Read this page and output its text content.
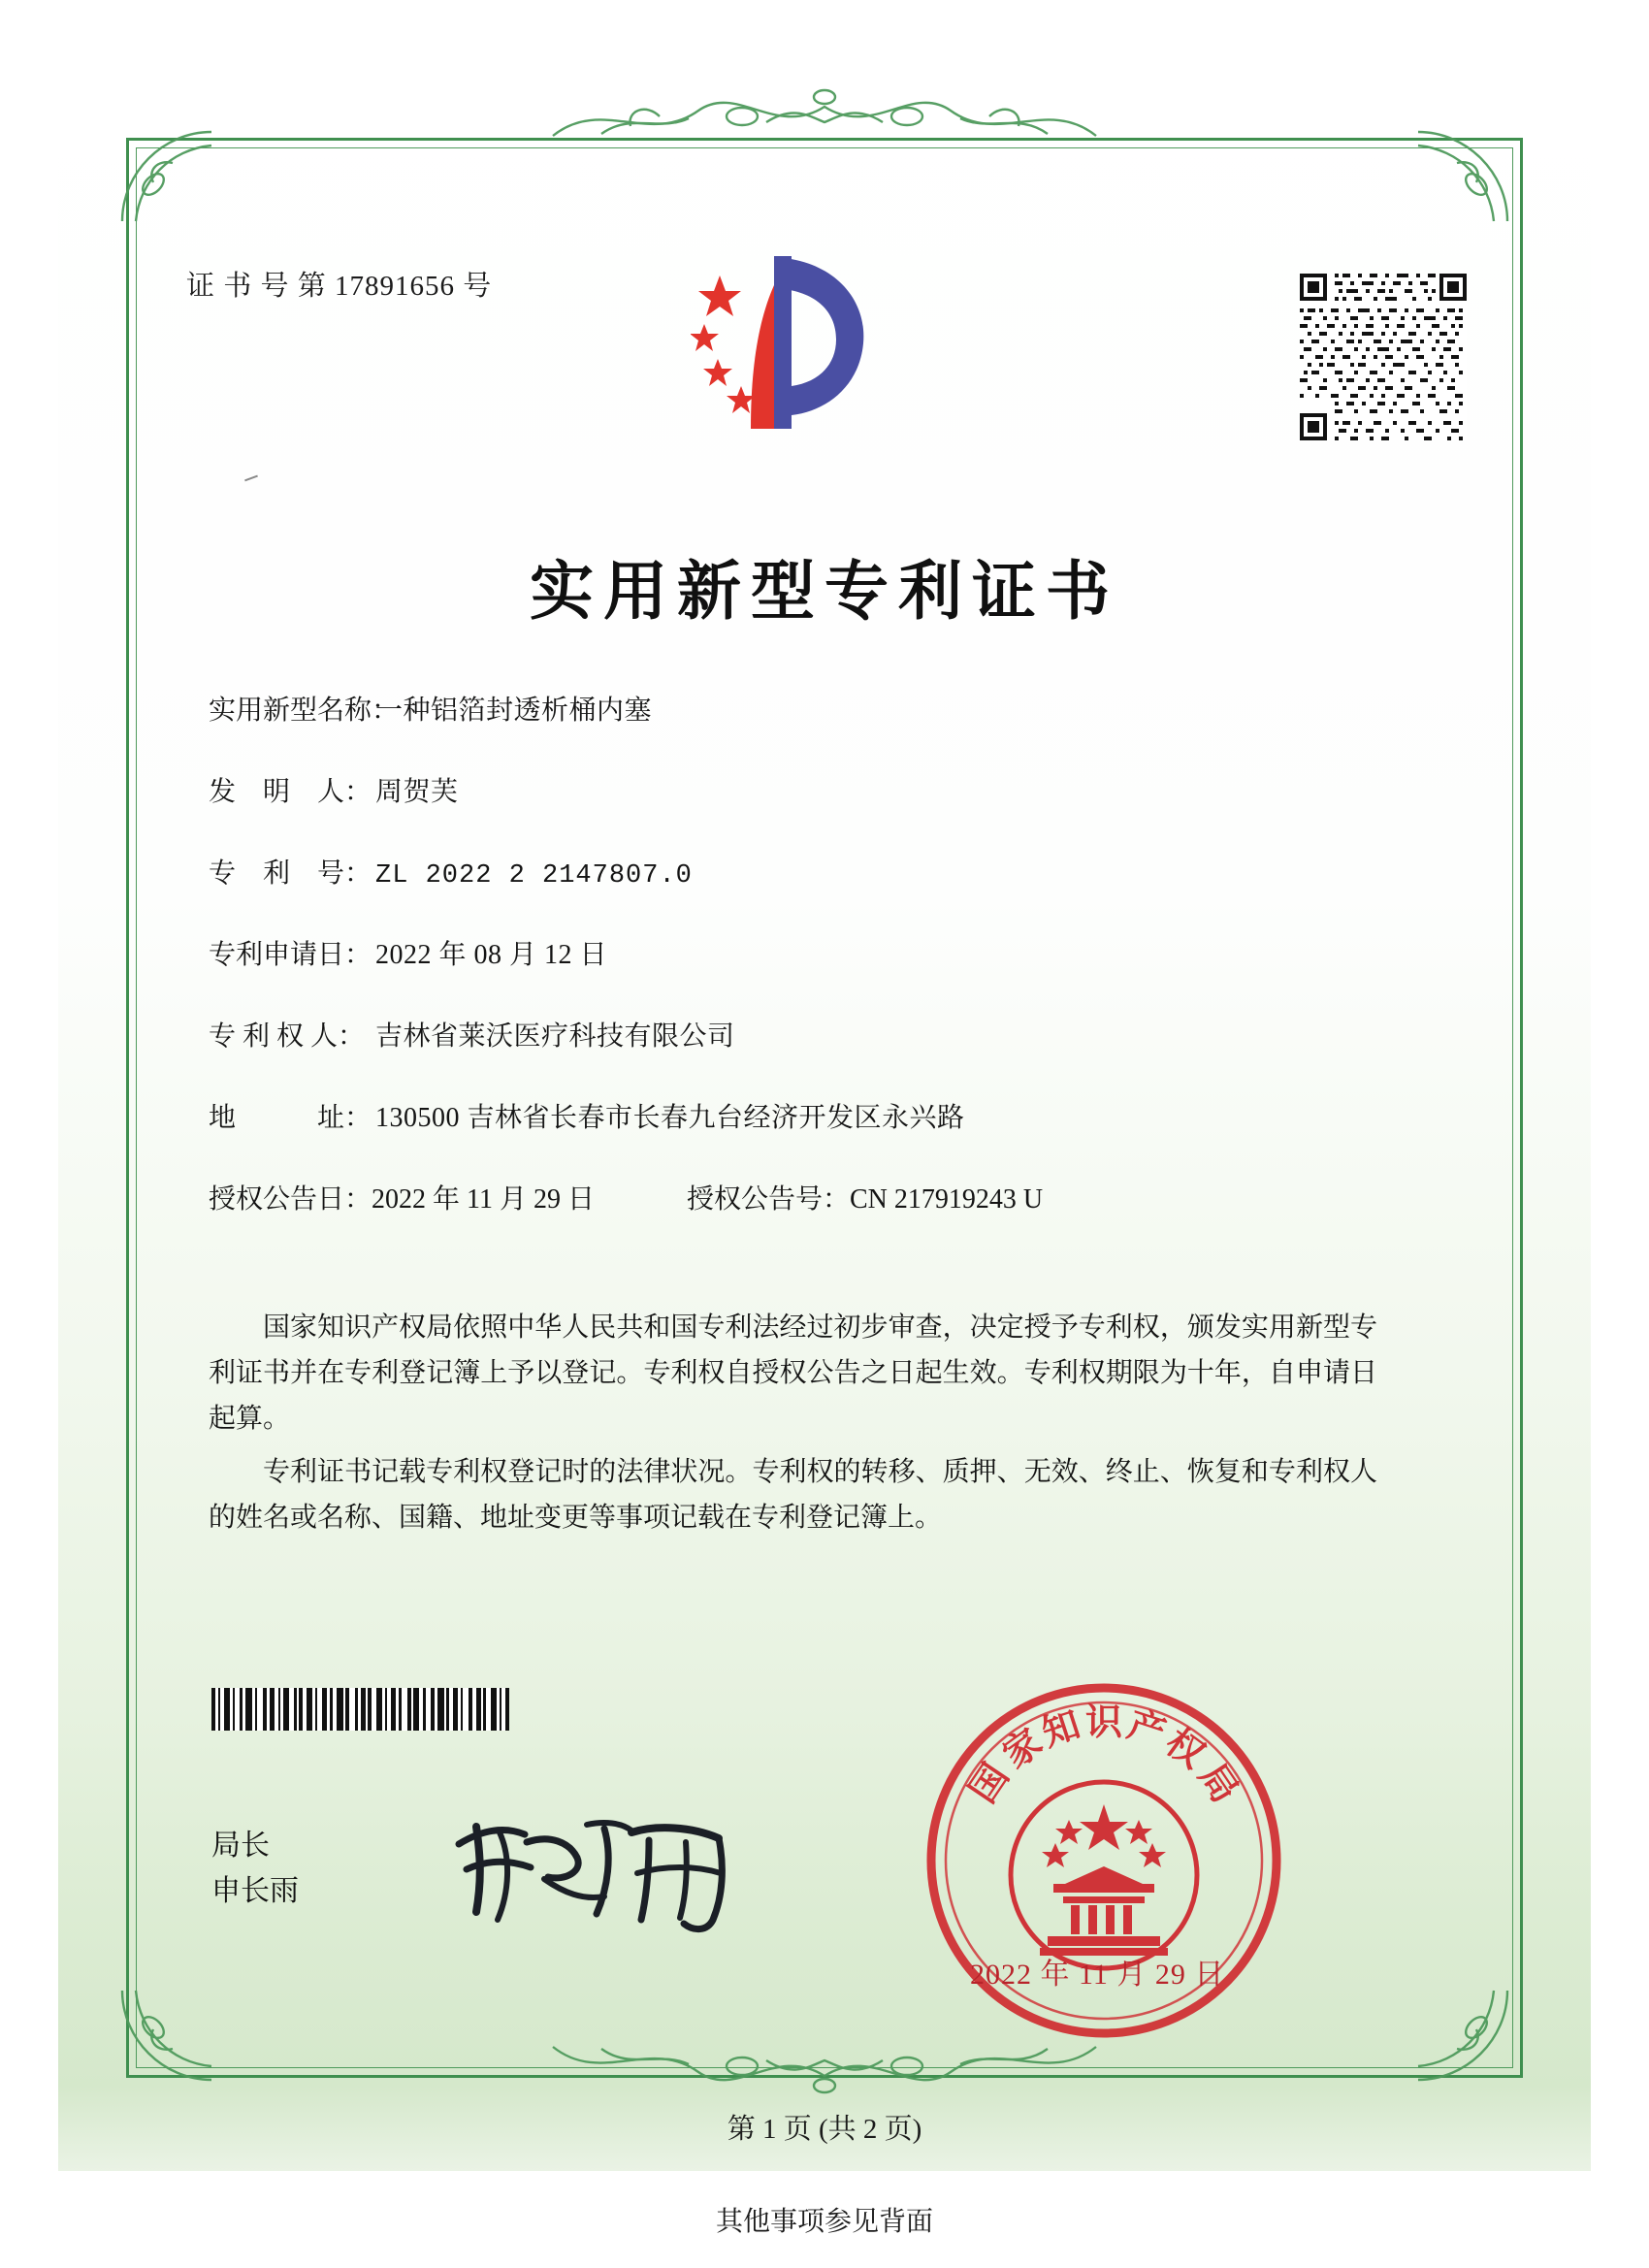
证 书 号 第 17891656 号
实用新型专利证书
实用新型名称：
一种铝箔封透析桶内塞
发　明　人： 周贺芙
专　利　号： ZL 2022 2 2147807.0
专利申请日： 2022 年 08 月 12 日
专 利 权 人： 吉林省莱沃医疗科技有限公司
地　　　址： 130500 吉林省长春市长春九台经济开发区永兴路
授权公告日： 2022 年 11 月 29 日	授权公告号： CN 217919243 U

国家知识产权局依照中华人民共和国专利法经过初步审查，决定授予专利权，颁发实用新型专利证书并在专利登记簿上予以登记。专利权自授权公告之日起生效。专利权期限为十年，自申请日起算。

专利证书记载专利权登记时的法律状况。专利权的转移、质押、无效、终止、恢复和专利权人的姓名或名称、国籍、地址变更等事项记载在专利登记簿上。

局长
申长雨
国
家
知 识 产
权
局
2022 年 11 月 29 日
第 1 页 (共 2 页)
其他事项参见背面
